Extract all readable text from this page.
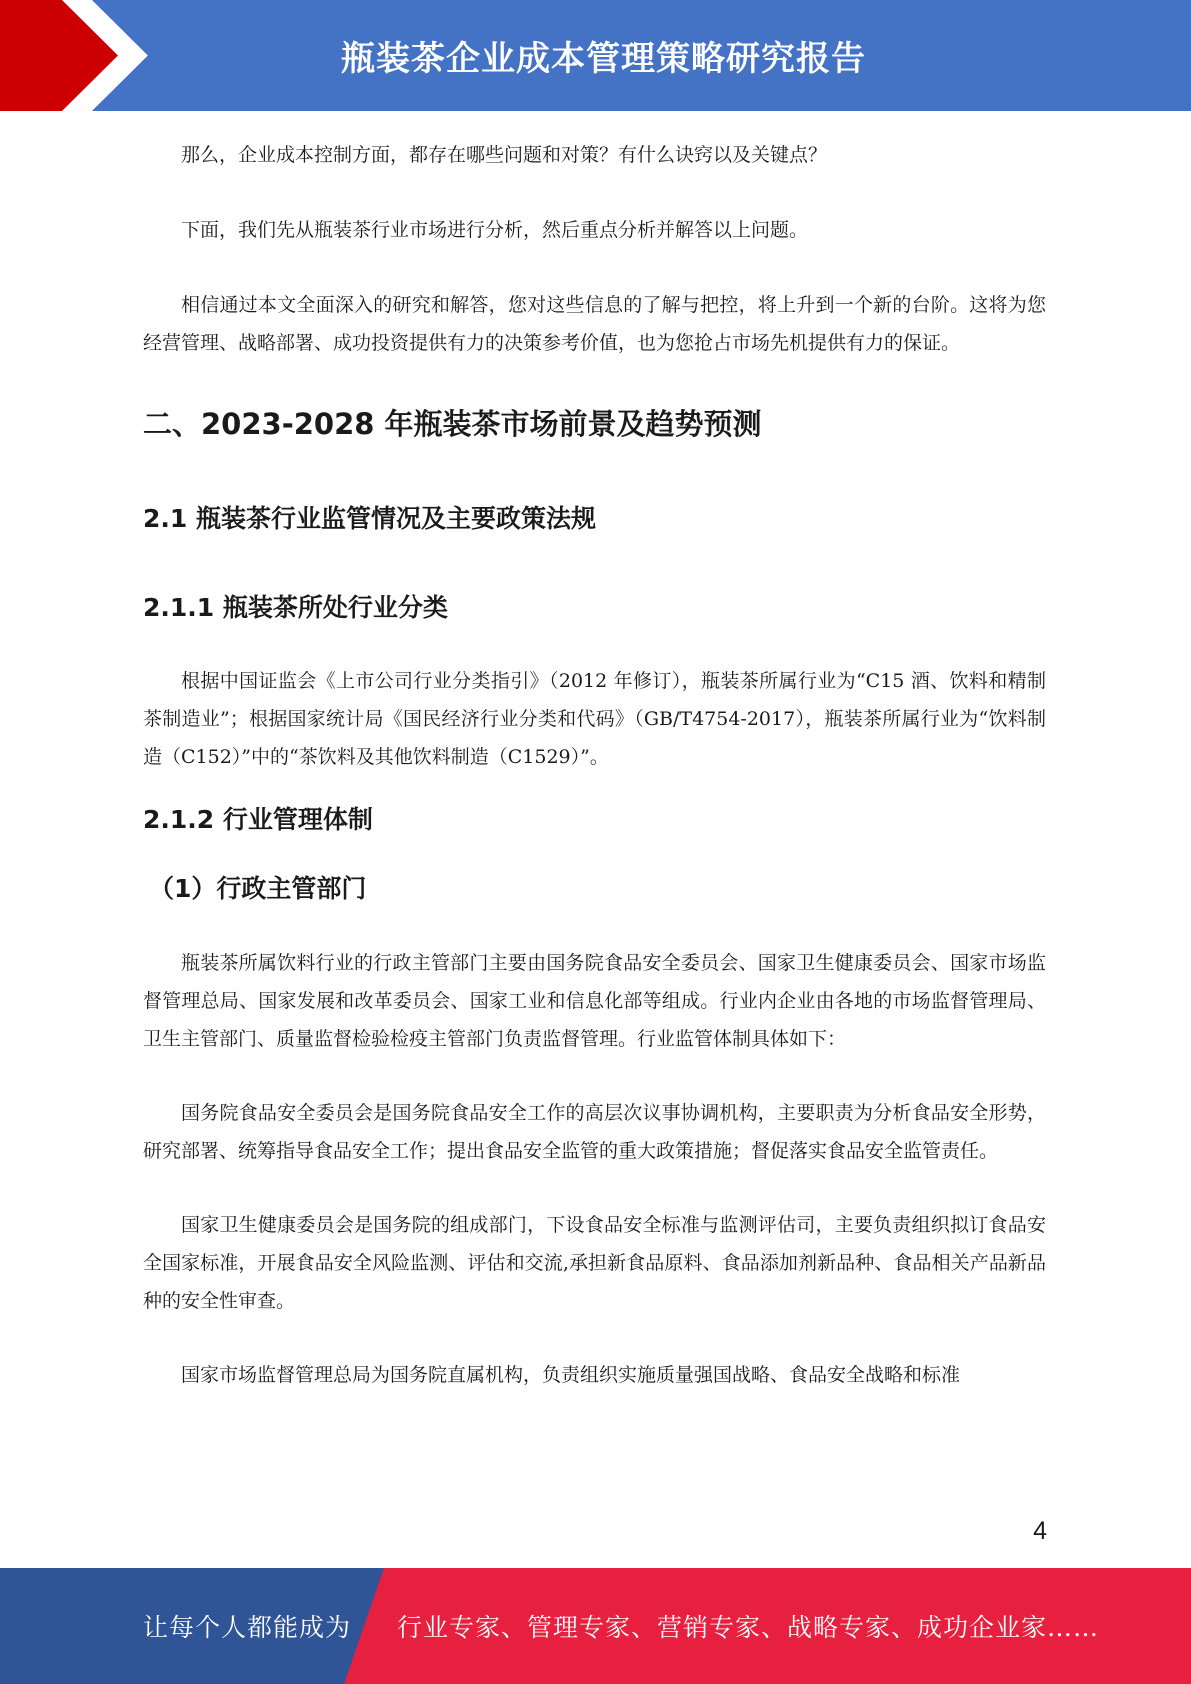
瓶装茶企业成本管理策略研究报告

那么，企业成本控制方面，都存在哪些问题和对策？有什么诀窍以及关键点？

下面，我们先从瓶装茶行业市场进行分析，然后重点分析并解答以上问题。

相信通过本文全面深入的研究和解答，您对这些信息的了解与把控，将上升到一个新的台阶。这将为您经营管理、战略部署、成功投资提供有力的决策参考价值，也为您抢占市场先机提供有力的保证。

二、2023-2028 年瓶装茶市场前景及趋势预测
2.1 瓶装茶行业监管情况及主要政策法规
2.1.1 瓶装茶所处行业分类

根据中国证监会《上市公司行业分类指引》（2012 年修订），瓶装茶所属行业为“C15 酒、饮料和精制茶制造业”；根据国家统计局《国民经济行业分类和代码》（GB/T4754-2017），瓶装茶所属行业为“饮料制造（C152）”中的“茶饮料及其他饮料制造（C1529）”。

2.1.2 行业管理体制
（1）行政主管部门

瓶装茶所属饮料行业的行政主管部门主要由国务院食品安全委员会、国家卫生健康委员会、国家市场监督管理总局、国家发展和改革委员会、国家工业和信息化部等组成。行业内企业由各地的市场监督管理局、卫生主管部门、质量监督检验检疫主管部门负责监督管理。行业监管体制具体如下：

国务院食品安全委员会是国务院食品安全工作的高层次议事协调机构，主要职责为分析食品安全形势，研究部署、统筹指导食品安全工作；提出食品安全监管的重大政策措施；督促落实食品安全监管责任。

国家卫生健康委员会是国务院的组成部门，下设食品安全标准与监测评估司，主要负责组织拟订食品安全国家标准，开展食品安全风险监测、评估和交流,承担新食品原料、食品添加剂新品种、食品相关产品新品种的安全性审查。

国家市场监督管理总局为国务院直属机构，负责组织实施质量强国战略、食品安全战略和标准

4
让每个人都能成为 行业专家、管理专家、营销专家、战略专家、成功企业家……
